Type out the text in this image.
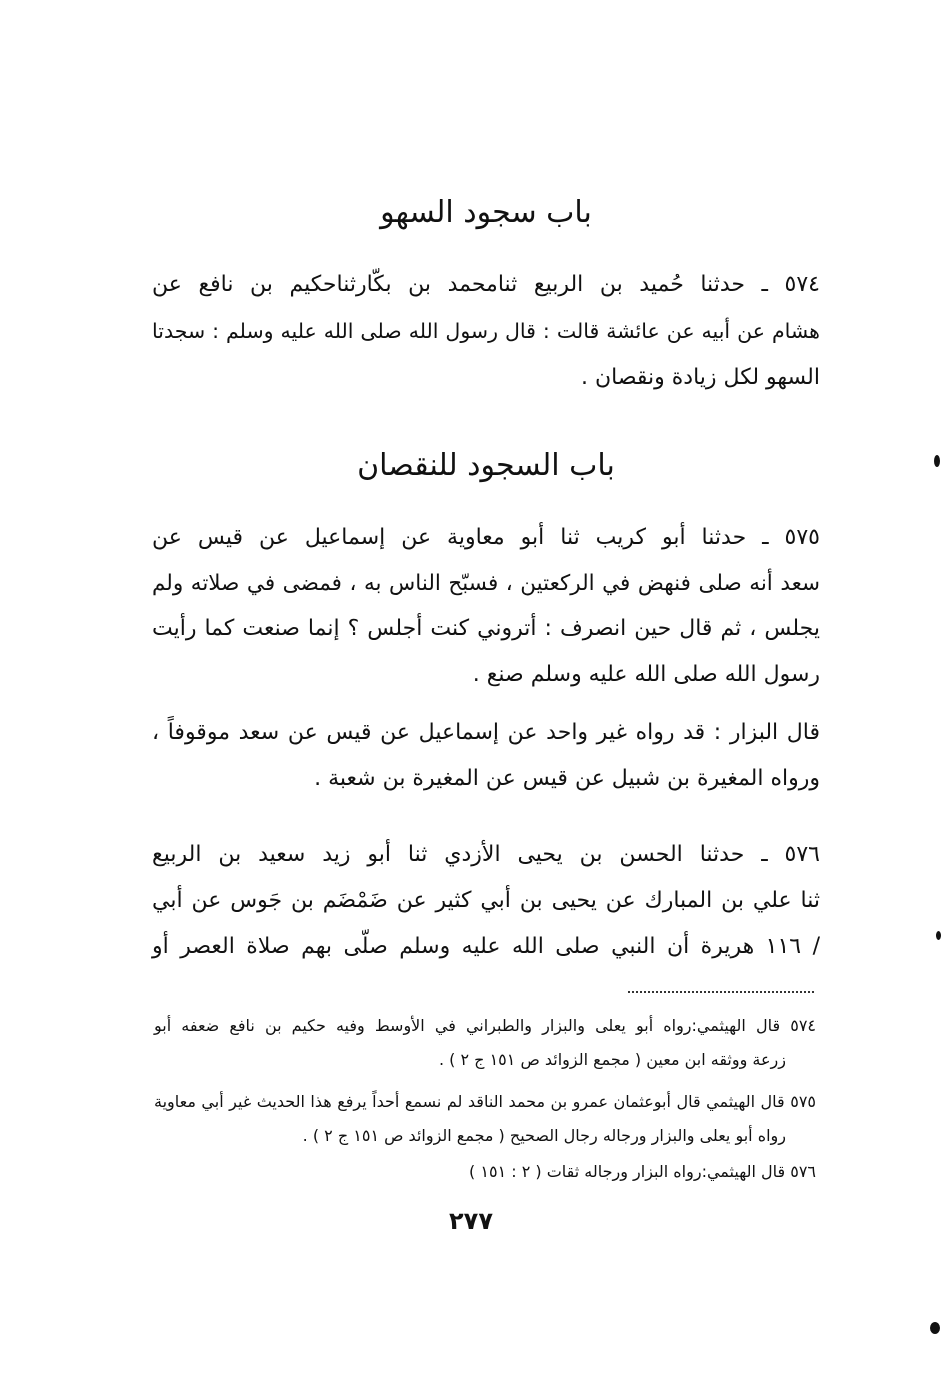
باب سجود السهو
٥٧٤ ـ حدثنا حُميد بن الربيع ثنامحمد بن بكّارثناحكيم بن نافع عن
هشام عن أبيه عن عائشة قالت : قال رسول الله صلى الله عليه وسلم : سجدتا
السهو لكل زيادة ونقصان .
باب السجود للنقصان
٥٧٥ ـ حدثنا أبو كريب ثنا أبو معاوية عن إسماعيل عن قيس عن
سعد أنه صلى فنهض في الركعتين ، فسبّح الناس به ، فمضى في صلاته ولم
يجلس ، ثم قال حين انصرف : أتروني كنت أجلس ؟ إنما صنعت كما رأيت
رسول الله صلى الله عليه وسلم صنع .
قال البزار : قد رواه غير واحد عن إسماعيل عن قيس عن سعد موقوفاً ،
ورواه المغيرة بن شبيل عن قيس عن المغيرة بن شعبة .
٥٧٦ ـ حدثنا الحسن بن يحيى الأزدي ثنا أبو زيد سعيد بن الربيع
ثنا علي بن المبارك عن يحيى بن أبي كثير عن ضَمْضَم بن جَوس عن أبي
/ ١١٦ هريرة أن النبي صلى الله عليه وسلم صلّى بهم صلاة العصر أو
٥٧٤ قال الهيثمي:رواه أبو يعلى والبزار والطبراني في الأوسط وفيه حكيم بن نافع ضعفه أبو
زرعة ووثقه ابن معين ( مجمع الزوائد ص ١٥١ ج ٢ ) .
٥٧٥ قال الهيثمي قال أبوعثمان عمرو بن محمد الناقد لم نسمع أحداً يرفع هذا الحديث غير أبي معاوية
رواه أبو يعلى والبزار ورجاله رجال الصحيح ( مجمع الزوائد ص ١٥١ ج ٢ ) .
٥٧٦ قال الهيثمي:رواه البزار ورجاله ثقات ( ٢ : ١٥١ )
٢٧٧
